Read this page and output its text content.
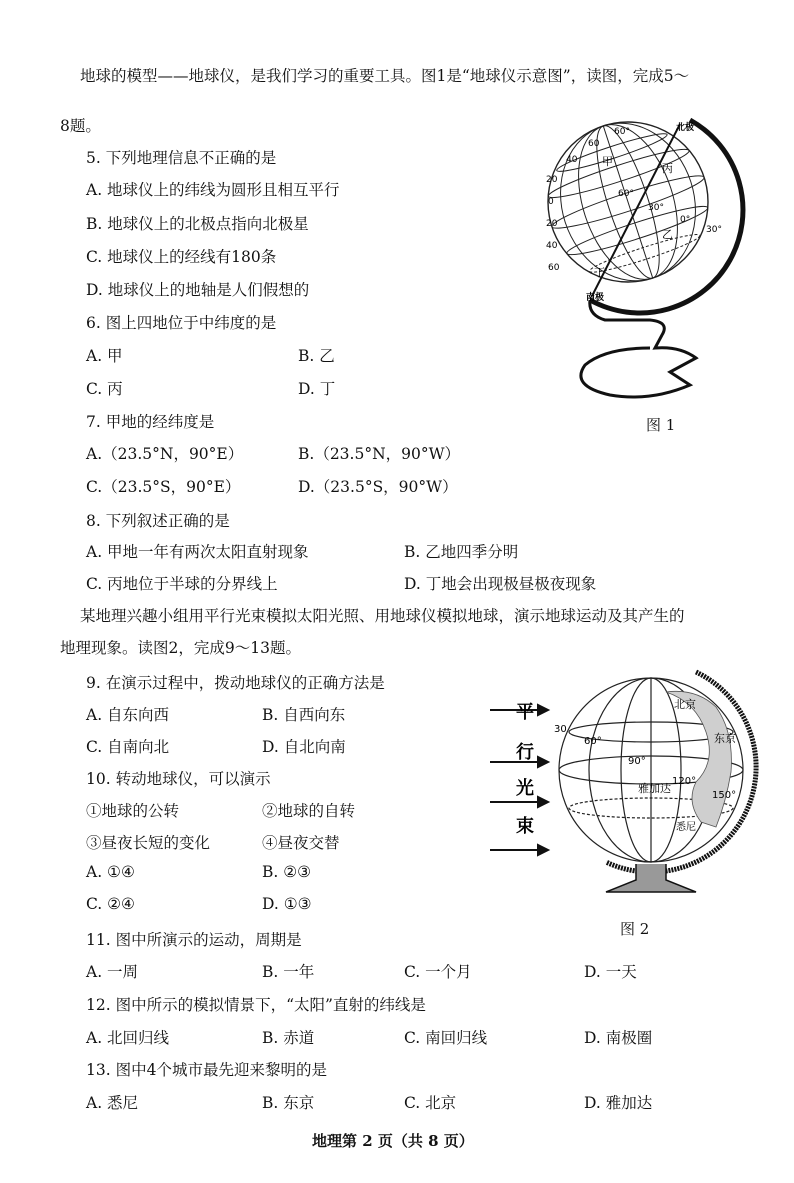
地球的模型——地球仪，是我们学习的重要工具。图1是“地球仪示意图”，读图，完成5～
8题。
5. 下列地理信息不正确的是
A. 地球仪上的纬线为圆形且相互平行
B. 地球仪上的北极点指向北极星
C. 地球仪上的经线有180条
D. 地球仪上的地轴是人们假想的
6. 图上四地位于中纬度的是
A. 甲	B. 乙
C. 丙	D. 丁
7. 甲地的经纬度是
A.（23.5°N，90°E）	B.（23.5°N，90°W）
C.（23.5°S，90°E）	D.（23.5°S，90°W）
8. 下列叙述正确的是
A. 甲地一年有两次太阳直射现象	B. 乙地四季分明
C. 丙地位于半球的分界线上	D. 丁地会出现极昼极夜现象
某地理兴趣小组用平行光束模拟太阳光照、用地球仪模拟地球，演示地球运动及其产生的
地理现象。读图2，完成9～13题。
9. 在演示过程中，拨动地球仪的正确方法是
A. 自东向西	B. 自西向东
C. 自南向北	D. 自北向南
10. 转动地球仪，可以演示
①地球的公转	②地球的自转
③昼夜长短的变化	④昼夜交替
A. ①④	B. ②③
C. ②④	D. ①③
11. 图中所演示的运动，周期是
A. 一周	B. 一年	C. 一个月	D. 一天
12. 图中所示的模拟情景下，“太阳”直射的纬线是
A. 北回归线	B. 赤道	C. 南回归线	D. 南极圈
13. 图中4个城市最先迎来黎明的是
A. 悉尼	B. 东京	C. 北京	D. 雅加达
地理第 2 页（共 8 页）
北极
南极
甲
丙
乙
丁
60°
60°
30°
0°
30°
60
40
20
0
20
40
60
图 1
平
行
光
束
北京
东京
雅加达
悉尼
30
60°
90°
120°
150°
图 2
